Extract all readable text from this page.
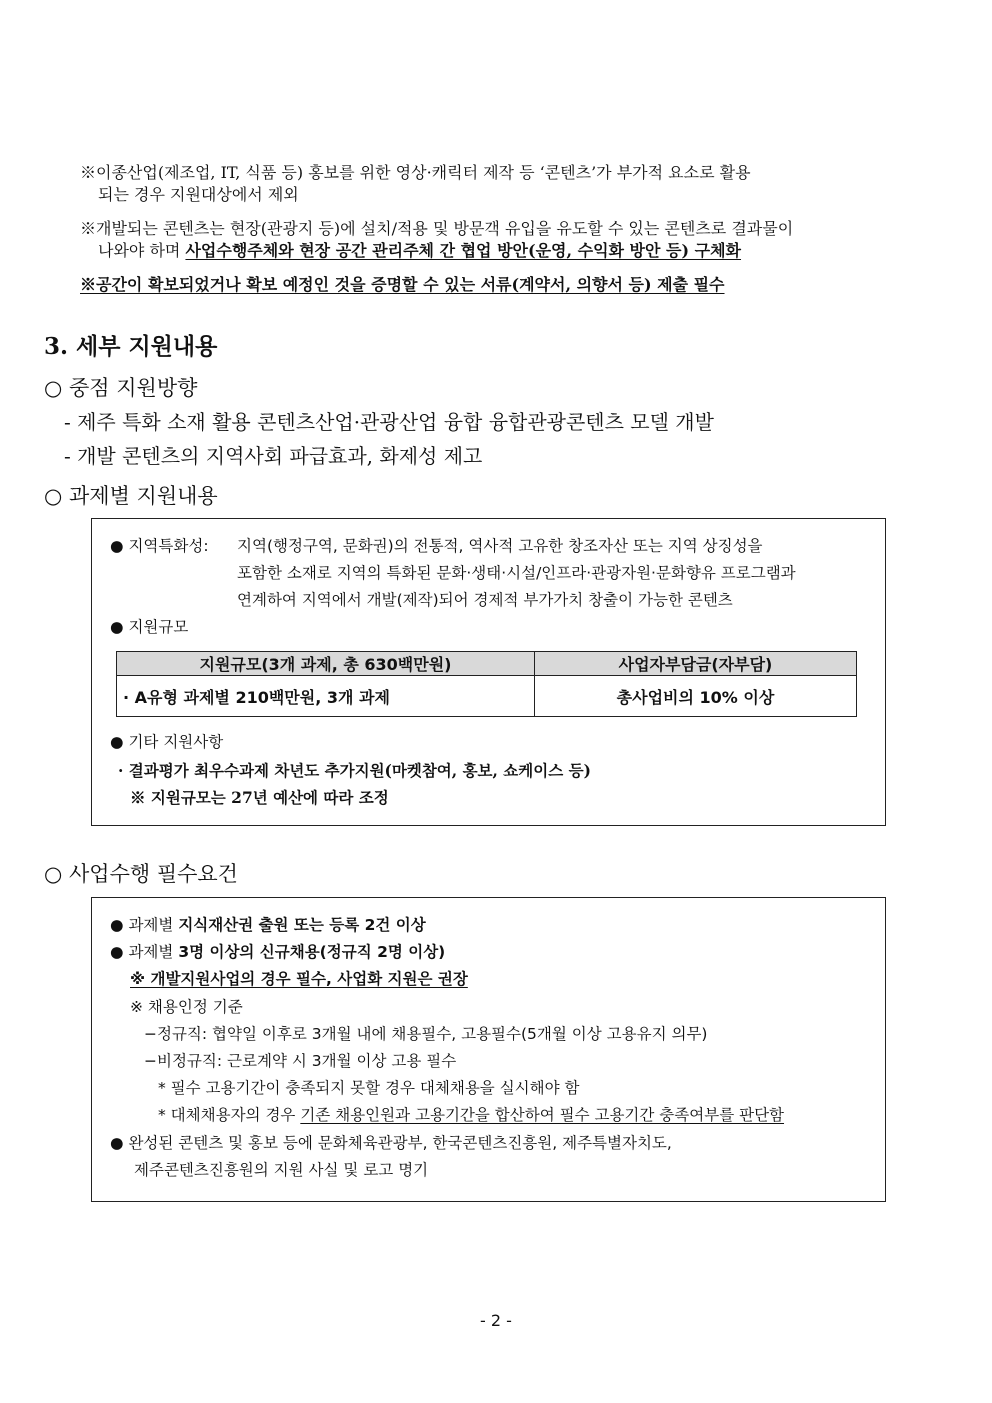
※이종산업(제조업, IT, 식품 등) 홍보를 위한 영상·캐릭터 제작 등 ‘콘텐츠’가 부가적 요소로 활용
되는 경우 지원대상에서 제외
※개발되는 콘텐츠는 현장(관광지 등)에 설치/적용 및 방문객 유입을 유도할 수 있는 콘텐츠로 결과물이
나와야 하며 사업수행주체와 현장 공간 관리주체 간 협업 방안(운영, 수익화 방안 등) 구체화
※공간이 확보되었거나 확보 예정인 것을 증명할 수 있는 서류(계약서, 의향서 등) 제출 필수
3. 세부 지원내용
○ 중점 지원방향
- 제주 특화 소재 활용 콘텐츠산업·관광산업 융합 융합관광콘텐츠 모델 개발
- 개발 콘텐츠의 지역사회 파급효과, 화제성 제고
○ 과제별 지원내용
● 지역특화성: 지역(행정구역, 문화권)의 전통적, 역사적 고유한 창조자산 또는 지역 상징성을
포함한 소재로 지역의 특화된 문화·생태·시설/인프라·관광자원·문화향유 프로그램과
연계하여 지역에서 개발(제작)되어 경제적 부가가치 창출이 가능한 콘텐츠
● 지원규모
지원규모(3개 과제, 총 630백만원)	사업자부담금(자부담)
· A유형 과제별 210백만원, 3개 과제	총사업비의 10% 이상
● 기타 지원사항
· 결과평가 최우수과제 차년도 추가지원(마켓참여, 홍보, 쇼케이스 등)
※ 지원규모는 27년 예산에 따라 조정
○ 사업수행 필수요건
● 과제별 지식재산권 출원 또는 등록 2건 이상
● 과제별 3명 이상의 신규채용(정규직 2명 이상)
※ 개발지원사업의 경우 필수, 사업화 지원은 권장
※ 채용인정 기준
−정규직: 협약일 이후로 3개월 내에 채용필수, 고용필수(5개월 이상 고용유지 의무)
−비정규직: 근로계약 시 3개월 이상 고용 필수
* 필수 고용기간이 충족되지 못할 경우 대체채용을 실시해야 함
* 대체채용자의 경우 기존 채용인원과 고용기간을 합산하여 필수 고용기간 충족여부를 판단함
● 완성된 콘텐츠 및 홍보 등에 문화체육관광부, 한국콘텐츠진흥원, 제주특별자치도,
제주콘텐츠진흥원의 지원 사실 및 로고 명기
- 2 -
